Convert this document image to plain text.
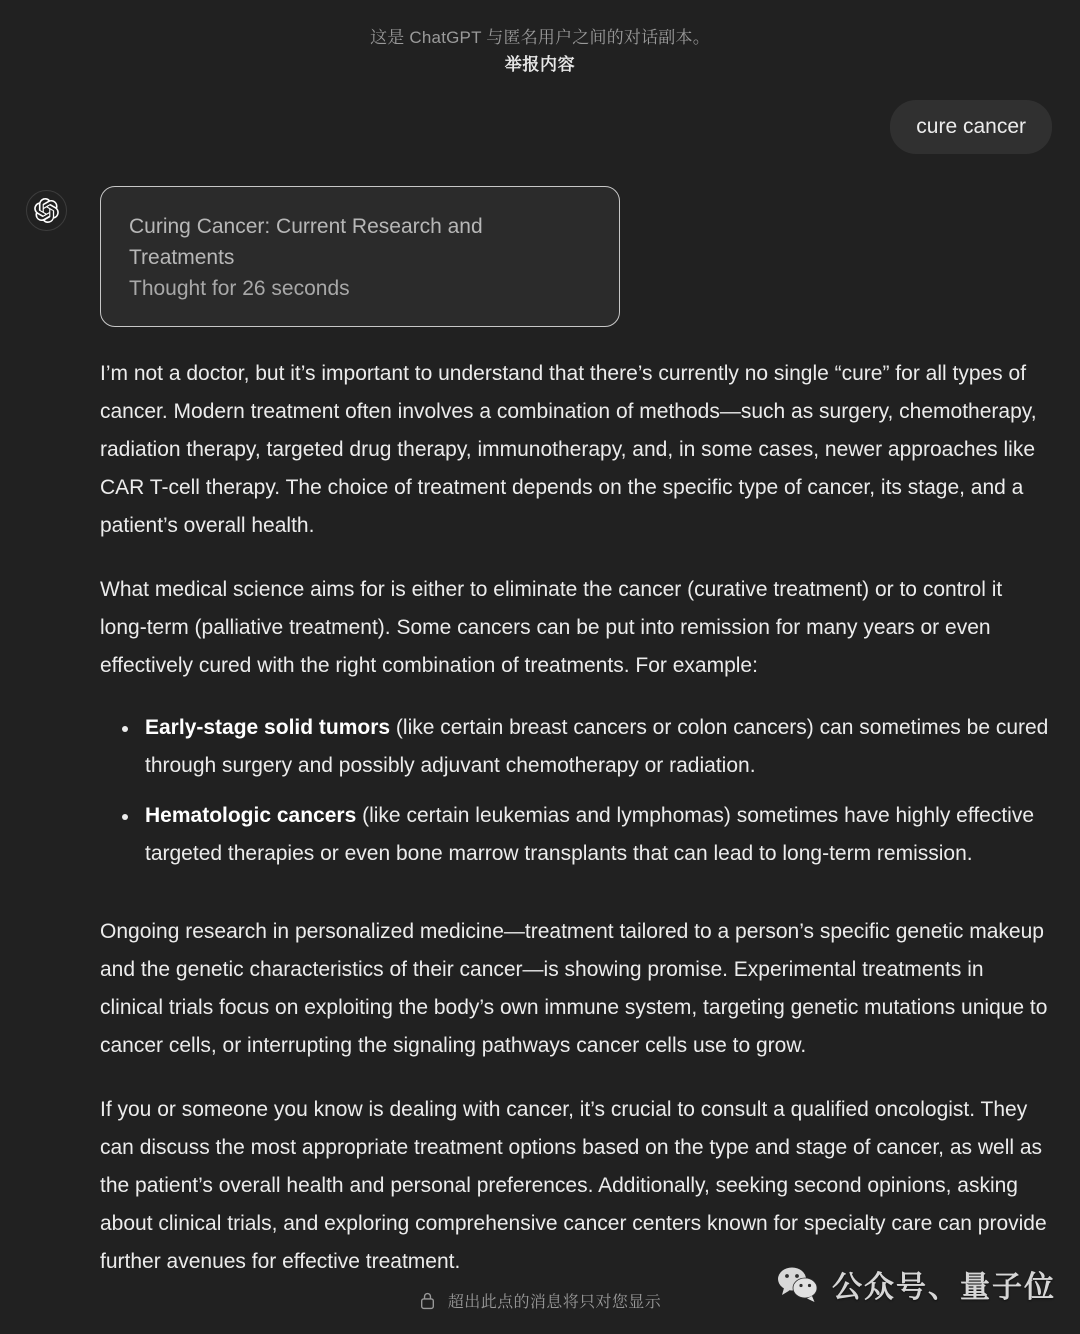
这是 ChatGPT 与匿名用户之间的对话副本。
举报内容
cure cancer
Curing Cancer: Current Research and Treatments
Thought for 26 seconds

I’m not a doctor, but it’s important to understand that there’s currently no single “cure” for all types of cancer. Modern treatment often involves a combination of methods—such as surgery, chemotherapy, radiation therapy, targeted drug therapy, immunotherapy, and, in some cases, newer approaches like CAR T-cell therapy. The choice of treatment depends on the specific type of cancer, its stage, and a patient’s overall health.

What medical science aims for is either to eliminate the cancer (curative treatment) or to control it long-term (palliative treatment). Some cancers can be put into remission for many years or even effectively cured with the right combination of treatments. For example:

Early-stage solid tumors (like certain breast cancers or colon cancers) can sometimes be cured through surgery and possibly adjuvant chemotherapy or radiation.
Hematologic cancers (like certain leukemias and lymphomas) sometimes have highly effective targeted therapies or even bone marrow transplants that can lead to long-term remission.

Ongoing research in personalized medicine—treatment tailored to a person’s specific genetic makeup and the genetic characteristics of their cancer—is showing promise. Experimental treatments in clinical trials focus on exploiting the body’s own immune system, targeting genetic mutations unique to cancer cells, or interrupting the signaling pathways cancer cells use to grow.

If you or someone you know is dealing with cancer, it’s crucial to consult a qualified oncologist. They can discuss the most appropriate treatment options based on the type and stage of cancer, as well as the patient’s overall health and personal preferences. Additionally, seeking second opinions, asking about clinical trials, and exploring comprehensive cancer centers known for specialty care can provide further avenues for effective treatment.

超出此点的消息将只对您显示	公众号、量子位
